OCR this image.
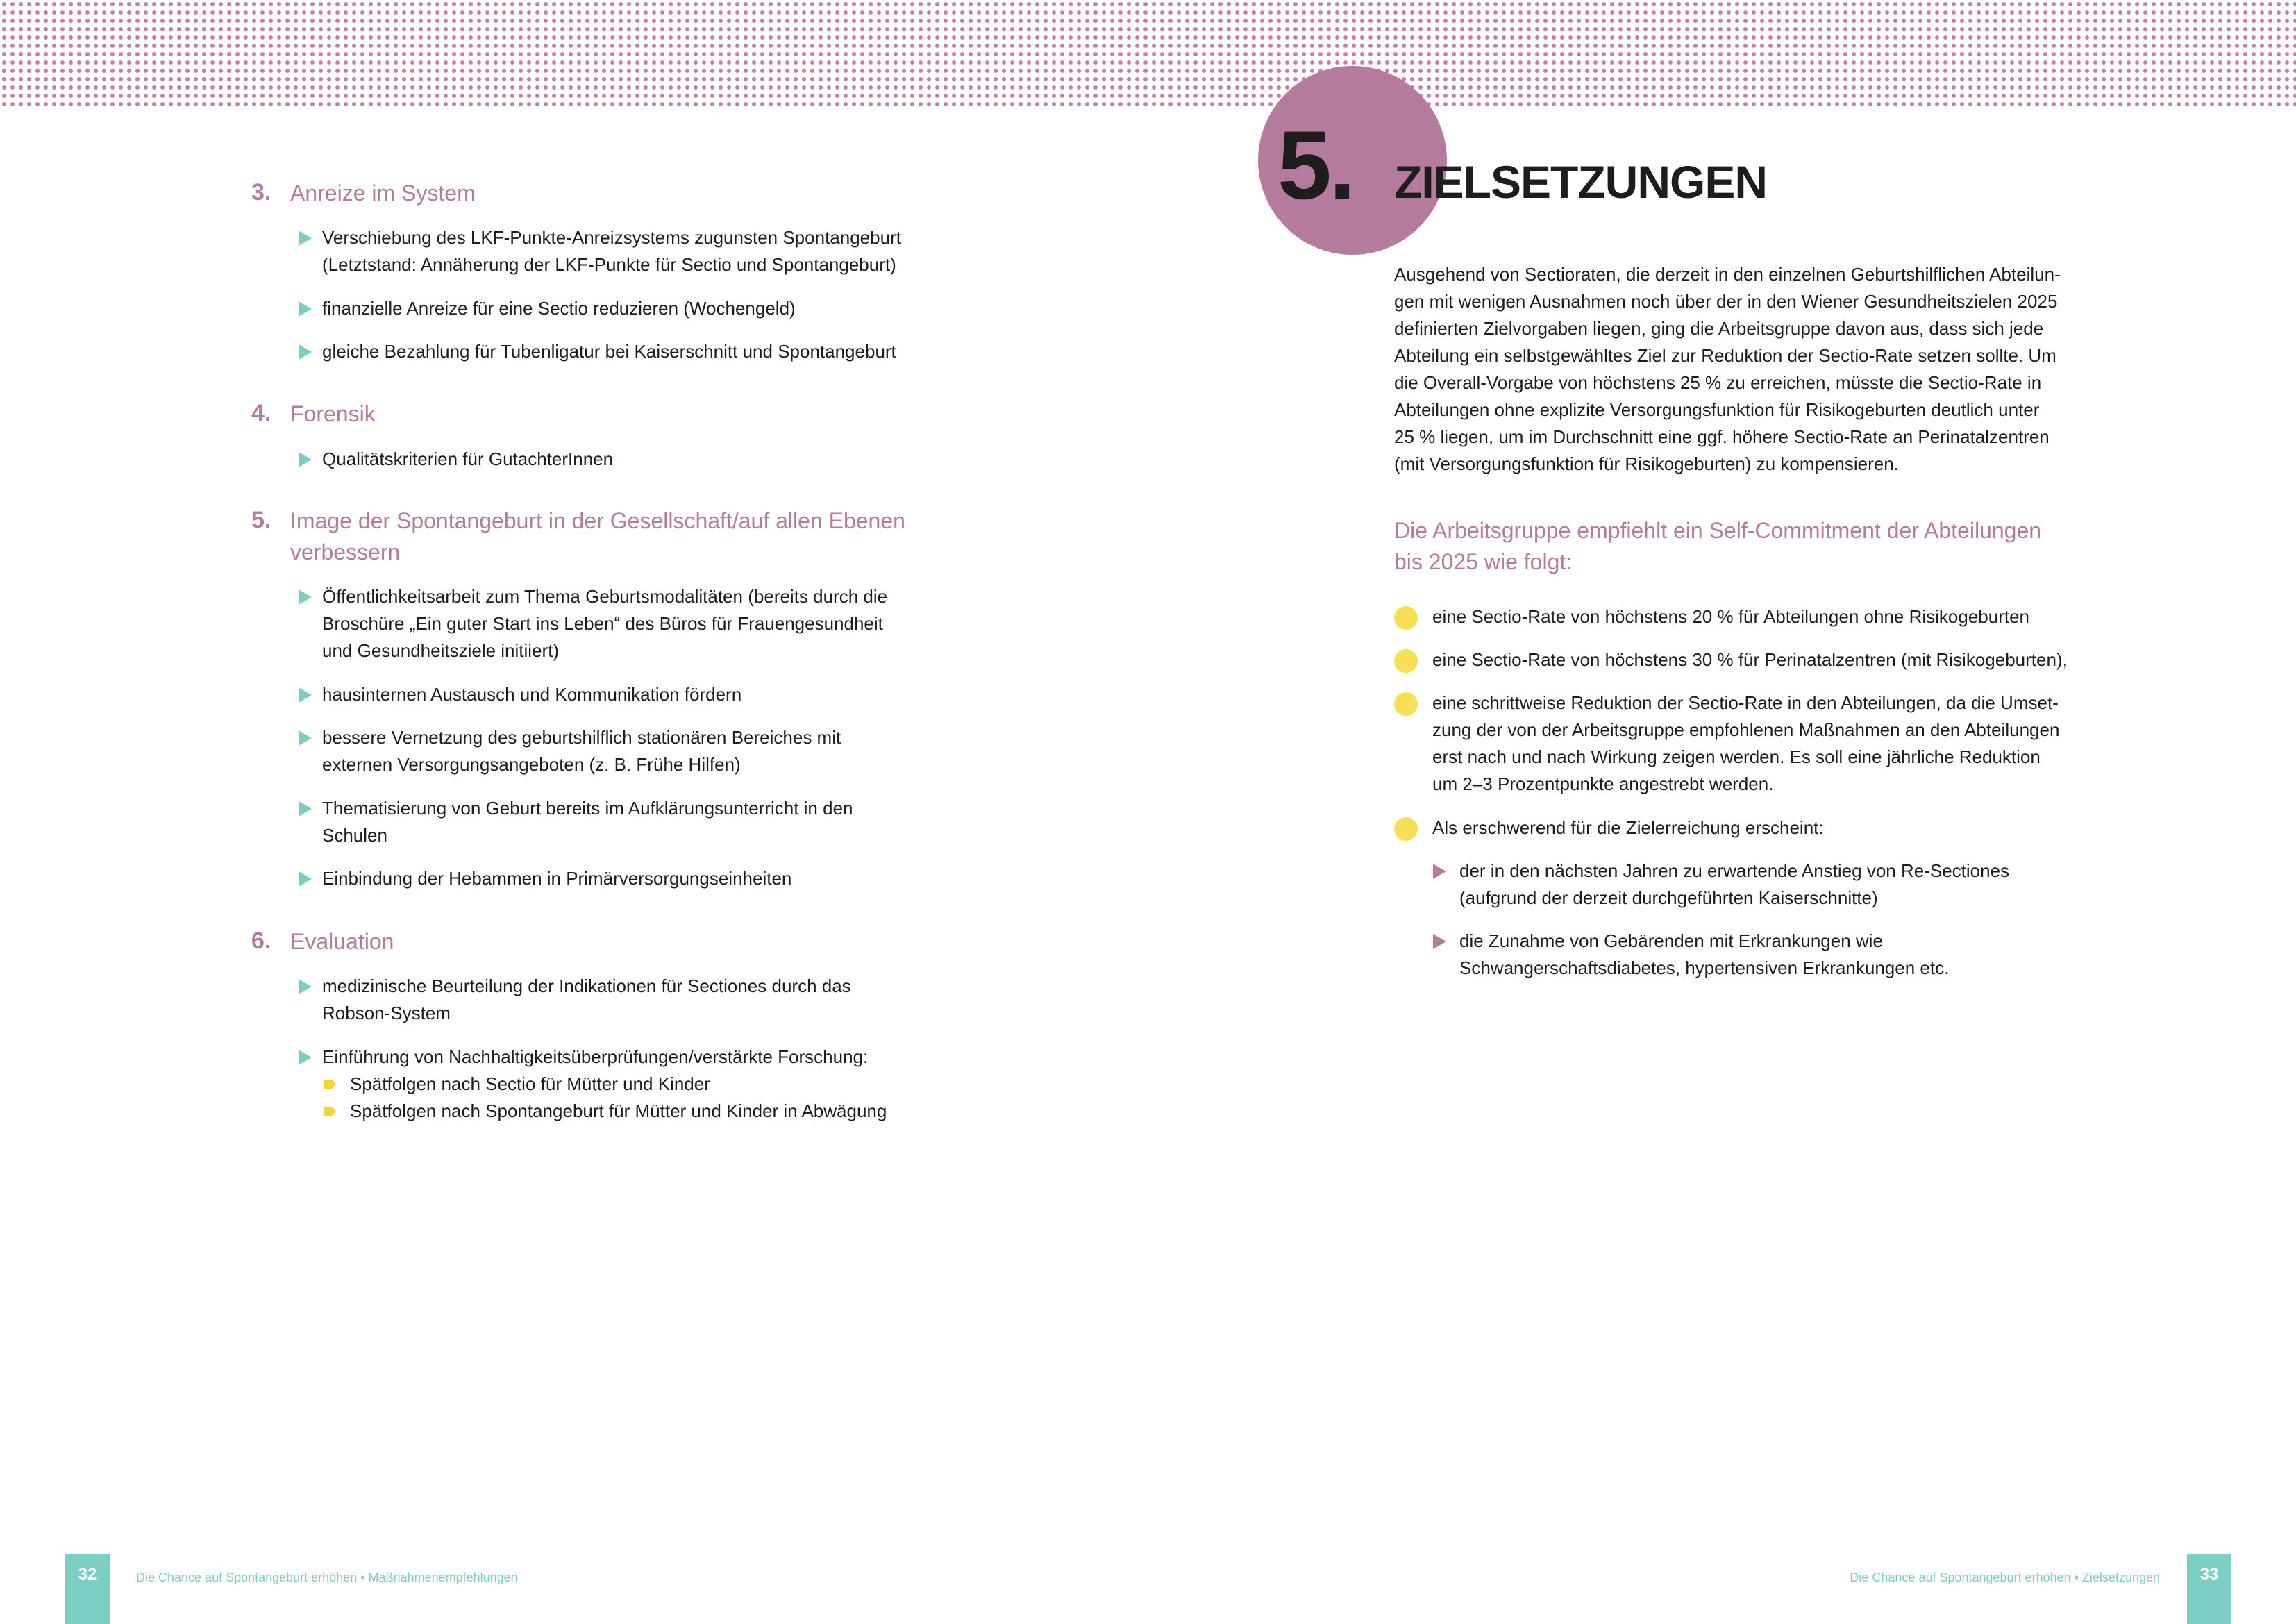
3. Anreize im System
Verschiebung des LKF-Punkte-Anreizsystems zugunsten Spontangeburt
(Letztstand: Annäherung der LKF-Punkte für Sectio und Spontangeburt)
finanzielle Anreize für eine Sectio reduzieren (Wochengeld)
gleiche Bezahlung für Tubenligatur bei Kaiserschnitt und Spontangeburt
4. Forensik
Qualitätskriterien für GutachterInnen
5. Image der Spontangeburt in der Gesellschaft/auf allen Ebenen
verbessern
Öffentlichkeitsarbeit zum Thema Geburtsmodalitäten (bereits durch die
Broschüre „Ein guter Start ins Leben“ des Büros für Frauengesundheit
und Gesundheitsziele initiiert)
hausinternen Austausch und Kommunikation fördern
bessere Vernetzung des geburtshilflich stationären Bereiches mit
externen Versorgungsangeboten (z. B. Frühe Hilfen)
Thematisierung von Geburt bereits im Aufklärungsunterricht in den
Schulen
Einbindung der Hebammen in Primärversorgungseinheiten
6. Evaluation
medizinische Beurteilung der Indikationen für Sectiones durch das
Robson-System
Einführung von Nachhaltigkeitsüberprüfungen/verstärkte Forschung:
Spätfolgen nach Sectio für Mütter und Kinder
Spätfolgen nach Spontangeburt für Mütter und Kinder in Abwägung
5. ZIELSETZUNGEN

Ausgehend von Sectioraten, die derzeit in den einzelnen Geburtshilflichen Abteilun-
gen mit wenigen Ausnahmen noch über der in den Wiener Gesundheitszielen 2025
definierten Zielvorgaben liegen, ging die Arbeitsgruppe davon aus, dass sich jede
Abteilung ein selbstgewähltes Ziel zur Reduktion der Sectio-Rate setzen sollte. Um
die Overall-Vorgabe von höchstens 25 % zu erreichen, müsste die Sectio-Rate in
Abteilungen ohne explizite Versorgungsfunktion für Risikogeburten deutlich unter
25 % liegen, um im Durchschnitt eine ggf. höhere Sectio-Rate an Perinatalzentren
(mit Versorgungsfunktion für Risikogeburten) zu kompensieren.

Die Arbeitsgruppe empfiehlt ein Self-Commitment der Abteilungen
bis 2025 wie folgt:
eine Sectio-Rate von höchstens 20 % für Abteilungen ohne Risikogeburten
eine Sectio-Rate von höchstens 30 % für Perinatalzentren (mit Risikogeburten),
eine schrittweise Reduktion der Sectio-Rate in den Abteilungen, da die Umset-
zung der von der Arbeitsgruppe empfohlenen Maßnahmen an den Abteilungen
erst nach und nach Wirkung zeigen werden. Es soll eine jährliche Reduktion
um 2–3 Prozentpunkte angestrebt werden.
Als erschwerend für die Zielerreichung erscheint:
der in den nächsten Jahren zu erwartende Anstieg von Re-Sectiones
(aufgrund der derzeit durchgeführten Kaiserschnitte)
die Zunahme von Gebärenden mit Erkrankungen wie
Schwangerschaftsdiabetes, hypertensiven Erkrankungen etc.
32	Die Chance auf Spontangeburt erhöhen • Maßnahmenempfehlungen	Die Chance auf Spontangeburt erhöhen • Zielsetzungen	33
